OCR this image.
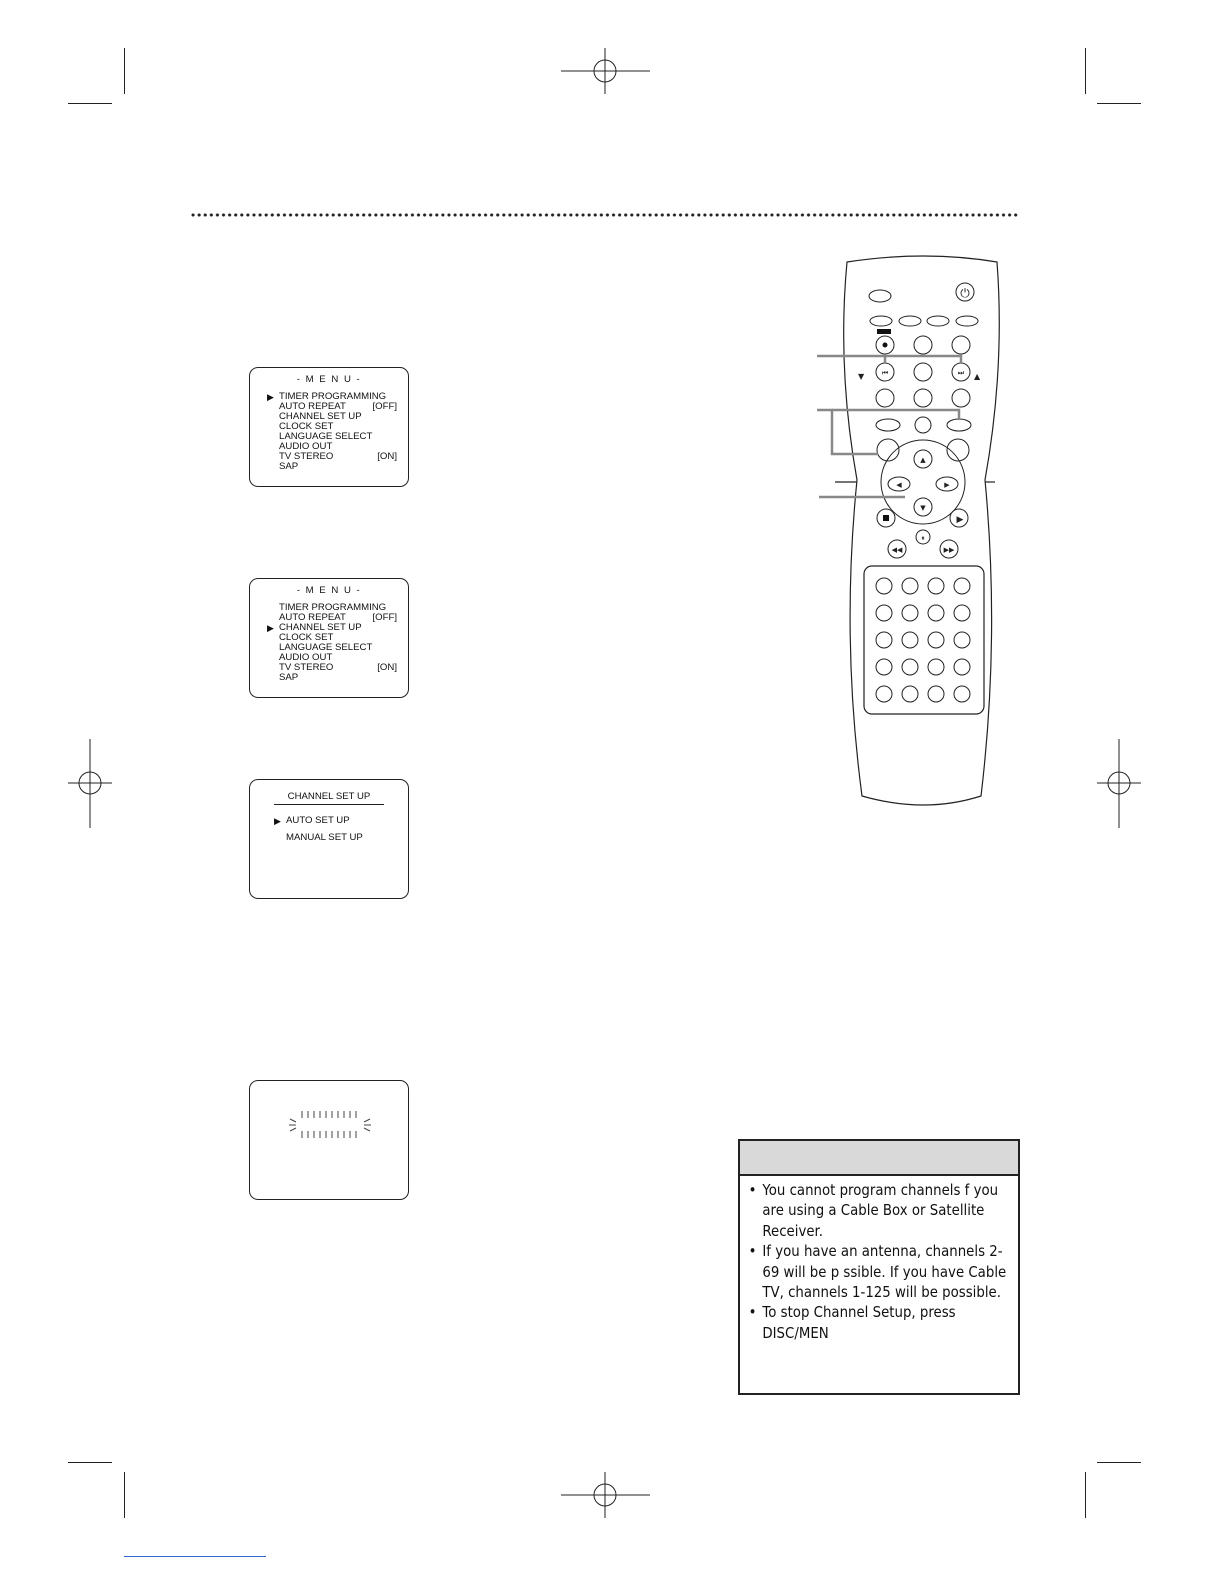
- M E N U -
▶ TIMER PROGRAMMING
AUTO REPEAT	[OFF]
CHANNEL SET UP
CLOCK SET
LANGUAGE SELECT
AUDIO OUT
TV STEREO	[ON]
SAP
- M E N U -
TIMER PROGRAMMING
AUTO REPEAT	[OFF]
▶ CHANNEL SET UP
CLOCK SET
LANGUAGE SELECT
AUDIO OUT
TV STEREO	[ON]
SAP
CHANNEL SET UP
▶ AUTO SET UP
MANUAL SET UP
⏻
▼	⏮	⏭ ▲
▲
◀	▶
▼
▶
⏸
◀◀	▶▶
• You cannot program channels f you are using a Cable Box or Satellite Receiver.
• If you have an antenna, channels 2-69 will be p ssible. If you have Cable TV, channels 1-125 will be possible.
• To stop Channel Setup, press DISC/MEN
